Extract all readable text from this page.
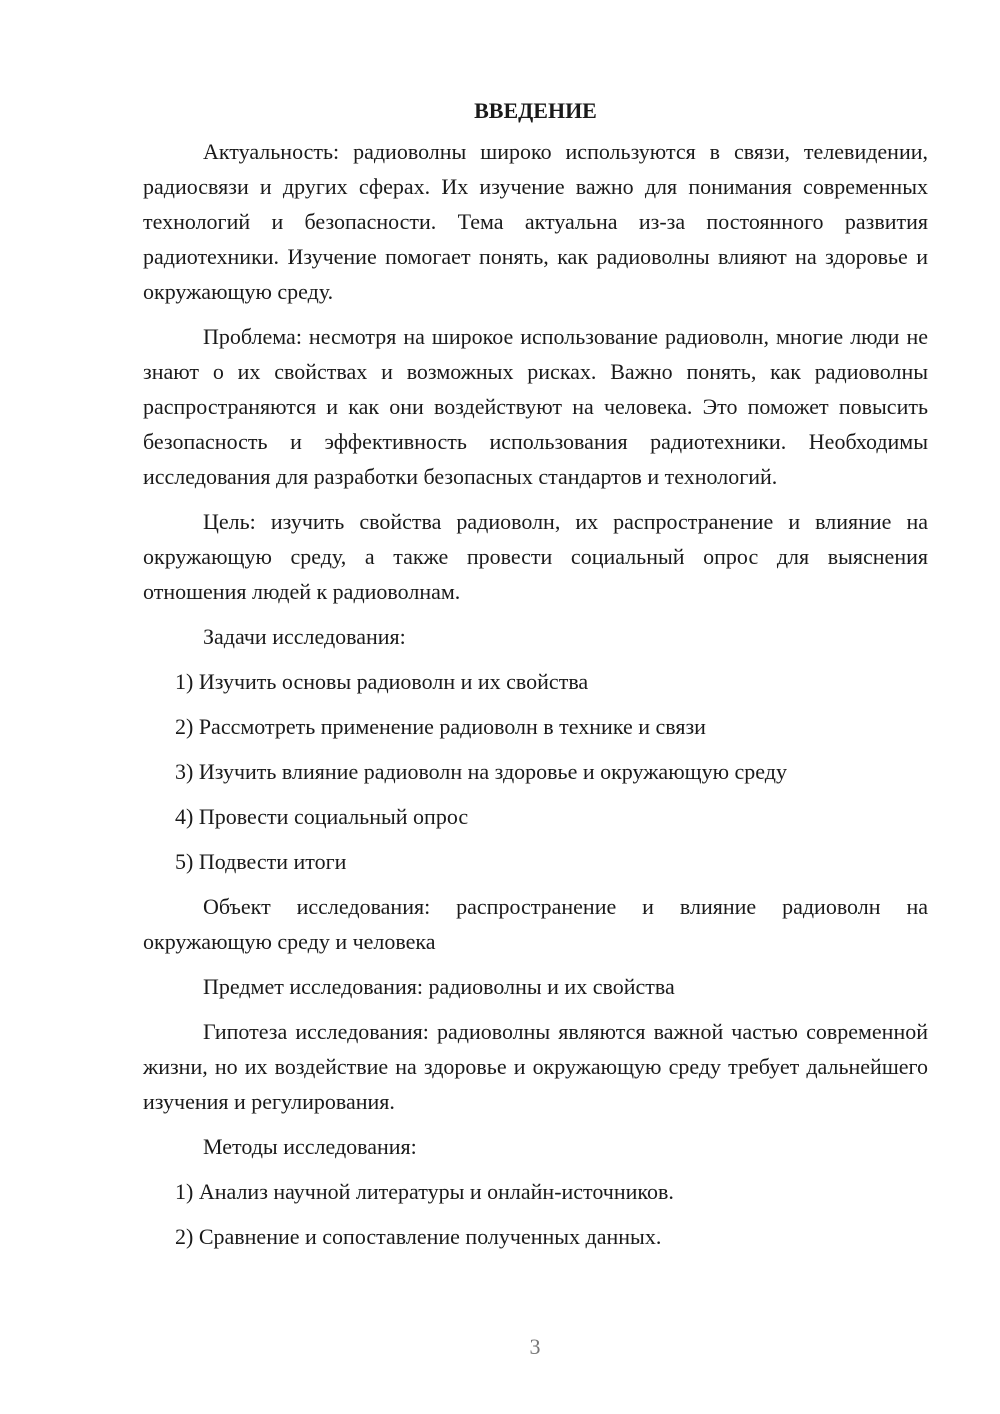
ВВЕДЕНИЕ

Актуальность: радиоволны широко используются в связи, телевидении, радиосвязи и других сферах. Их изучение важно для понимания современных технологий и безопасности. Тема актуальна из-за постоянного развития радиотехники. Изучение помогает понять, как радиоволны влияют на здоровье и окружающую среду.

Проблема: несмотря на широкое использование радиоволн, многие люди не знают о их свойствах и возможных рисках. Важно понять, как радиоволны распространяются и как они воздействуют на человека. Это поможет повысить безопасность и эффективность использования радиотехники. Необходимы исследования для разработки безопасных стандартов и технологий.

Цель: изучить свойства радиоволн, их распространение и влияние на окружающую среду, а также провести социальный опрос для выяснения отношения людей к радиоволнам.

Задачи исследования:

1) Изучить основы радиоволн и их свойства
2) Рассмотреть применение радиоволн в технике и связи
3) Изучить влияние радиоволн на здоровье и окружающую среду
4) Провести социальный опрос
5) Подвести итоги

Объект исследования: распространение и влияние радиоволн на окружающую среду и человека

Предмет исследования: радиоволны и их свойства

Гипотеза исследования: радиоволны являются важной частью современной жизни, но их воздействие на здоровье и окружающую среду требует дальнейшего изучения и регулирования.

Методы исследования:

1) Анализ научной литературы и онлайн-источников.
2) Сравнение и сопоставление полученных данных.
3
